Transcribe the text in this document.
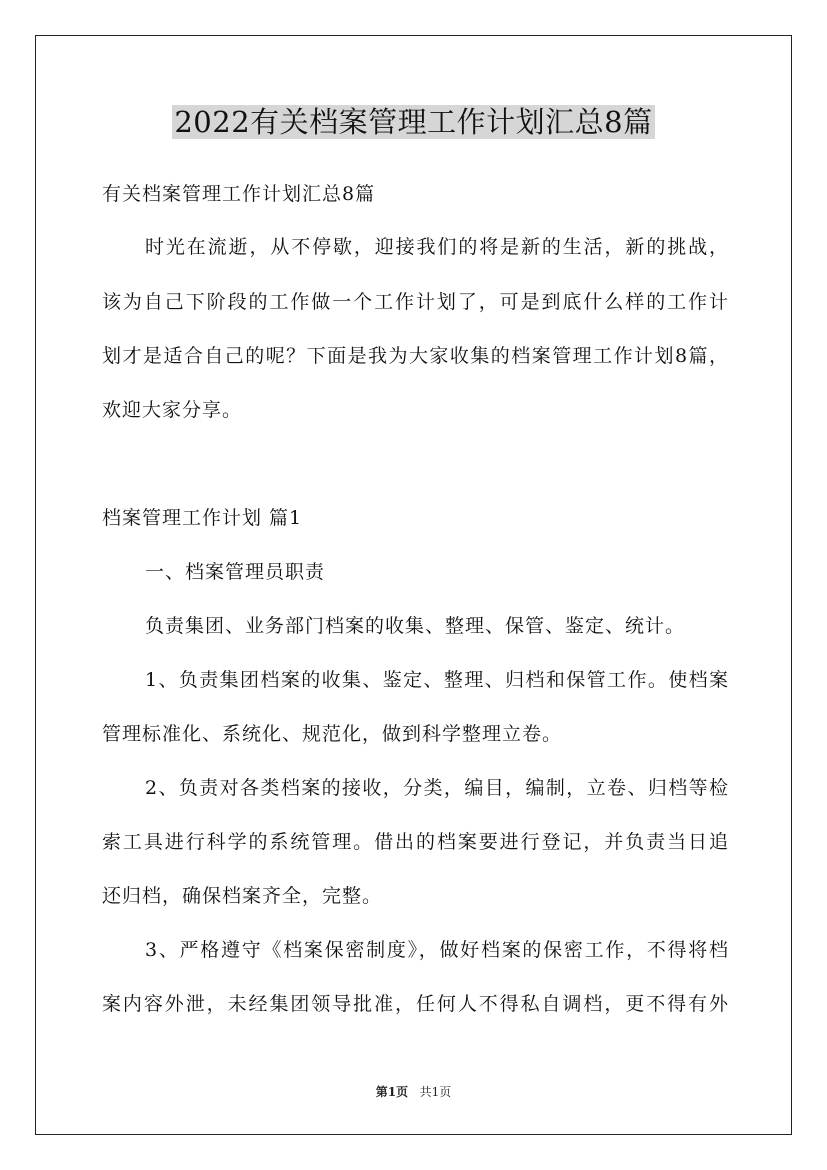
2022有关档案管理工作计划汇总8篇
有关档案管理工作计划汇总8篇
时光在流逝，从不停歇，迎接我们的将是新的生活，新的挑战，
该为自己下阶段的工作做一个工作计划了，可是到底什么样的工作计
划才是适合自己的呢？下面是我为大家收集的档案管理工作计划8篇，
欢迎大家分享。
档案管理工作计划 篇1
一、档案管理员职责
负责集团、业务部门档案的收集、整理、保管、鉴定、统计。
1、负责集团档案的收集、鉴定、整理、归档和保管工作。使档案
管理标准化、系统化、规范化，做到科学整理立卷。
2、负责对各类档案的接收，分类，编目，编制，立卷、归档等检
索工具进行科学的系统管理。借出的档案要进行登记，并负责当日追
还归档，确保档案齐全，完整。
3、严格遵守《档案保密制度》，做好档案的保密工作，不得将档
案内容外泄，未经集团领导批准，任何人不得私自调档，更不得有外
第1页 共1页
